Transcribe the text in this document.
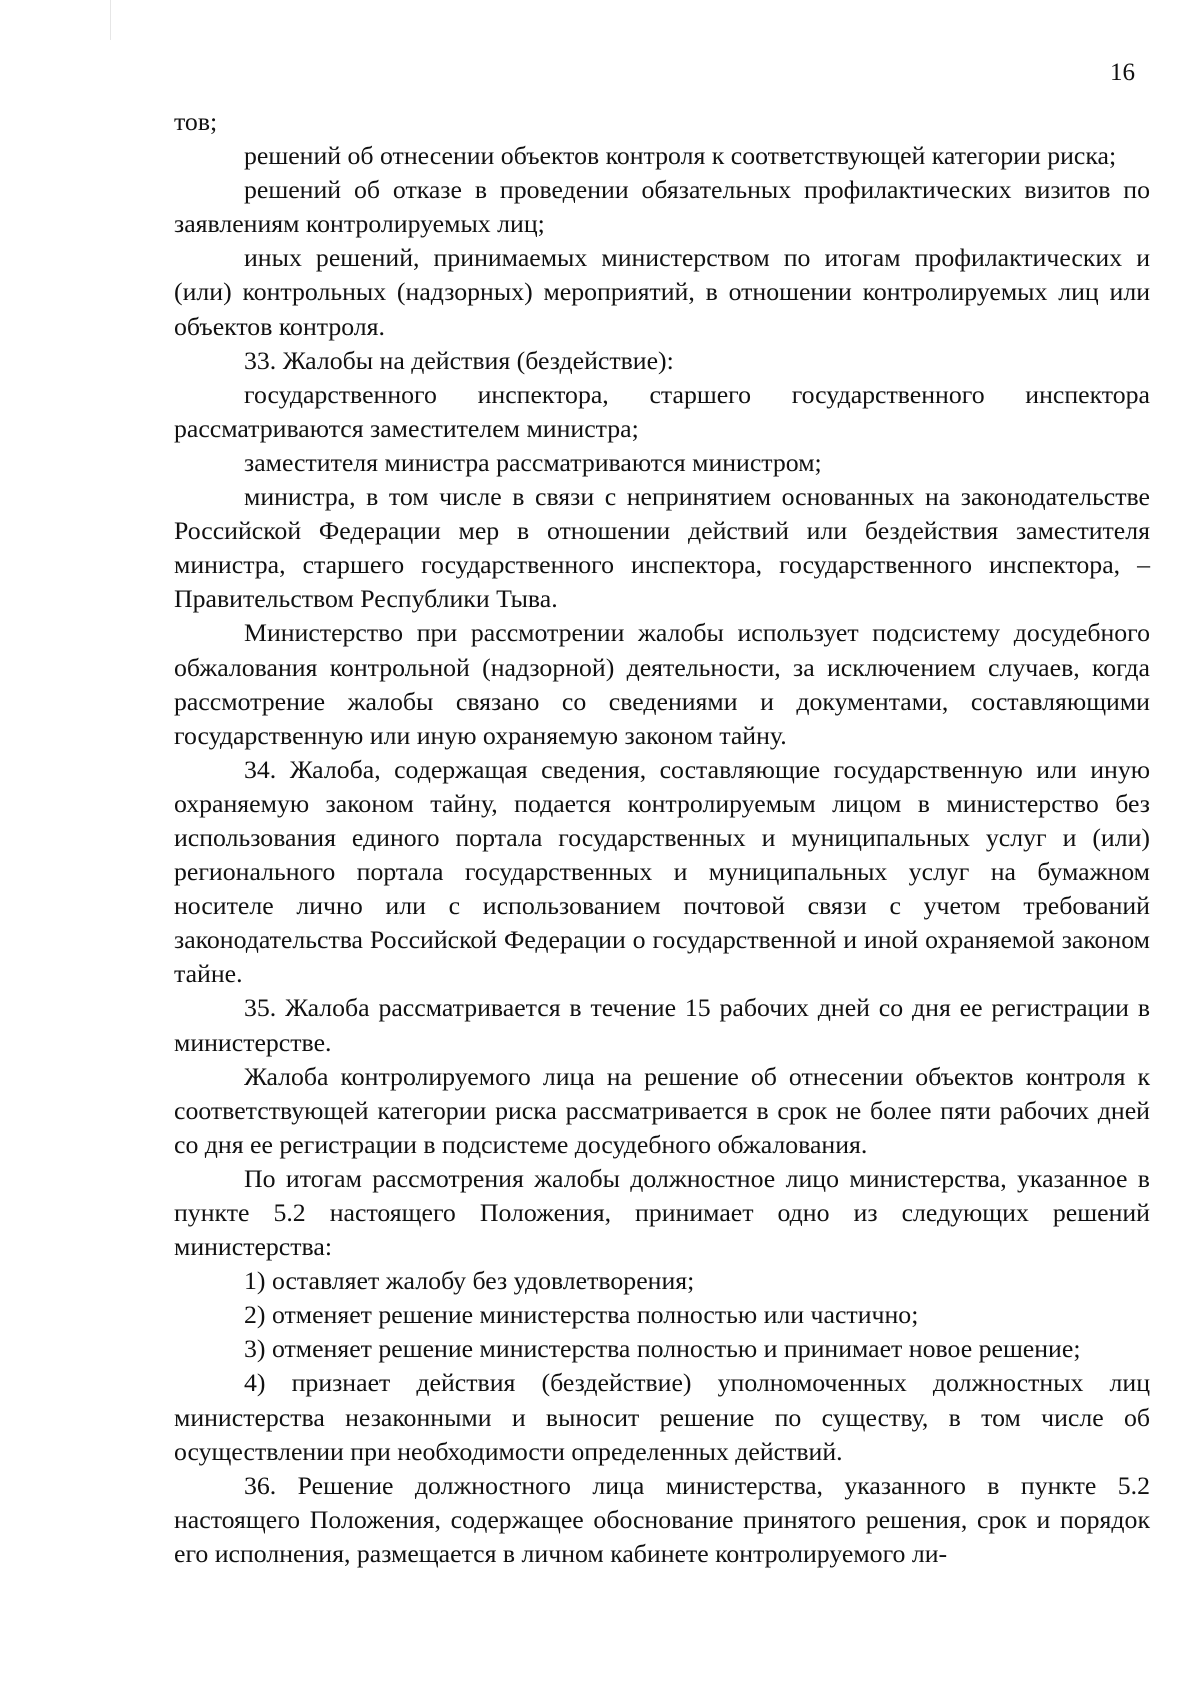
16

тов;

решений об отнесении объектов контроля к соответствующей категории риска;

решений об отказе в проведении обязательных профилактических визитов по заявлениям контролируемых лиц;

иных решений, принимаемых министерством по итогам профилактических и (или) контрольных (надзорных) мероприятий, в отношении контролируемых лиц или объектов контроля.

33. Жалобы на действия (бездействие):

государственного инспектора, старшего государственного инспектора рассматриваются заместителем министра;

заместителя министра рассматриваются министром;

министра, в том числе в связи с непринятием основанных на законодательстве Российской Федерации мер в отношении действий или бездействия заместителя министра, старшего государственного инспектора, государственного инспектора, – Правительством Республики Тыва.

Министерство при рассмотрении жалобы использует подсистему досудебного обжалования контрольной (надзорной) деятельности, за исключением случаев, когда рассмотрение жалобы связано со сведениями и документами, составляющими государственную или иную охраняемую законом тайну.

34. Жалоба, содержащая сведения, составляющие государственную или иную охраняемую законом тайну, подается контролируемым лицом в министерство без использования единого портала государственных и муниципальных услуг и (или) регионального портала государственных и муниципальных услуг на бумажном носителе лично или с использованием почтовой связи с учетом требований законодательства Российской Федерации о государственной и иной охраняемой законом тайне.

35. Жалоба рассматривается в течение 15 рабочих дней со дня ее регистрации в министерстве.

Жалоба контролируемого лица на решение об отнесении объектов контроля к соответствующей категории риска рассматривается в срок не более пяти рабочих дней со дня ее регистрации в подсистеме досудебного обжалования.

По итогам рассмотрения жалобы должностное лицо министерства, указанное в пункте 5.2 настоящего Положения, принимает одно из следующих решений министерства:

1) оставляет жалобу без удовлетворения;

2) отменяет решение министерства полностью или частично;

3) отменяет решение министерства полностью и принимает новое решение;

4) признает действия (бездействие) уполномоченных должностных лиц министерства незаконными и выносит решение по существу, в том числе об осуществлении при необходимости определенных действий.

36. Решение должностного лица министерства, указанного в пункте 5.2 настоящего Положения, содержащее обоснование принятого решения, срок и порядок его исполнения, размещается в личном кабинете контролируемого ли-
